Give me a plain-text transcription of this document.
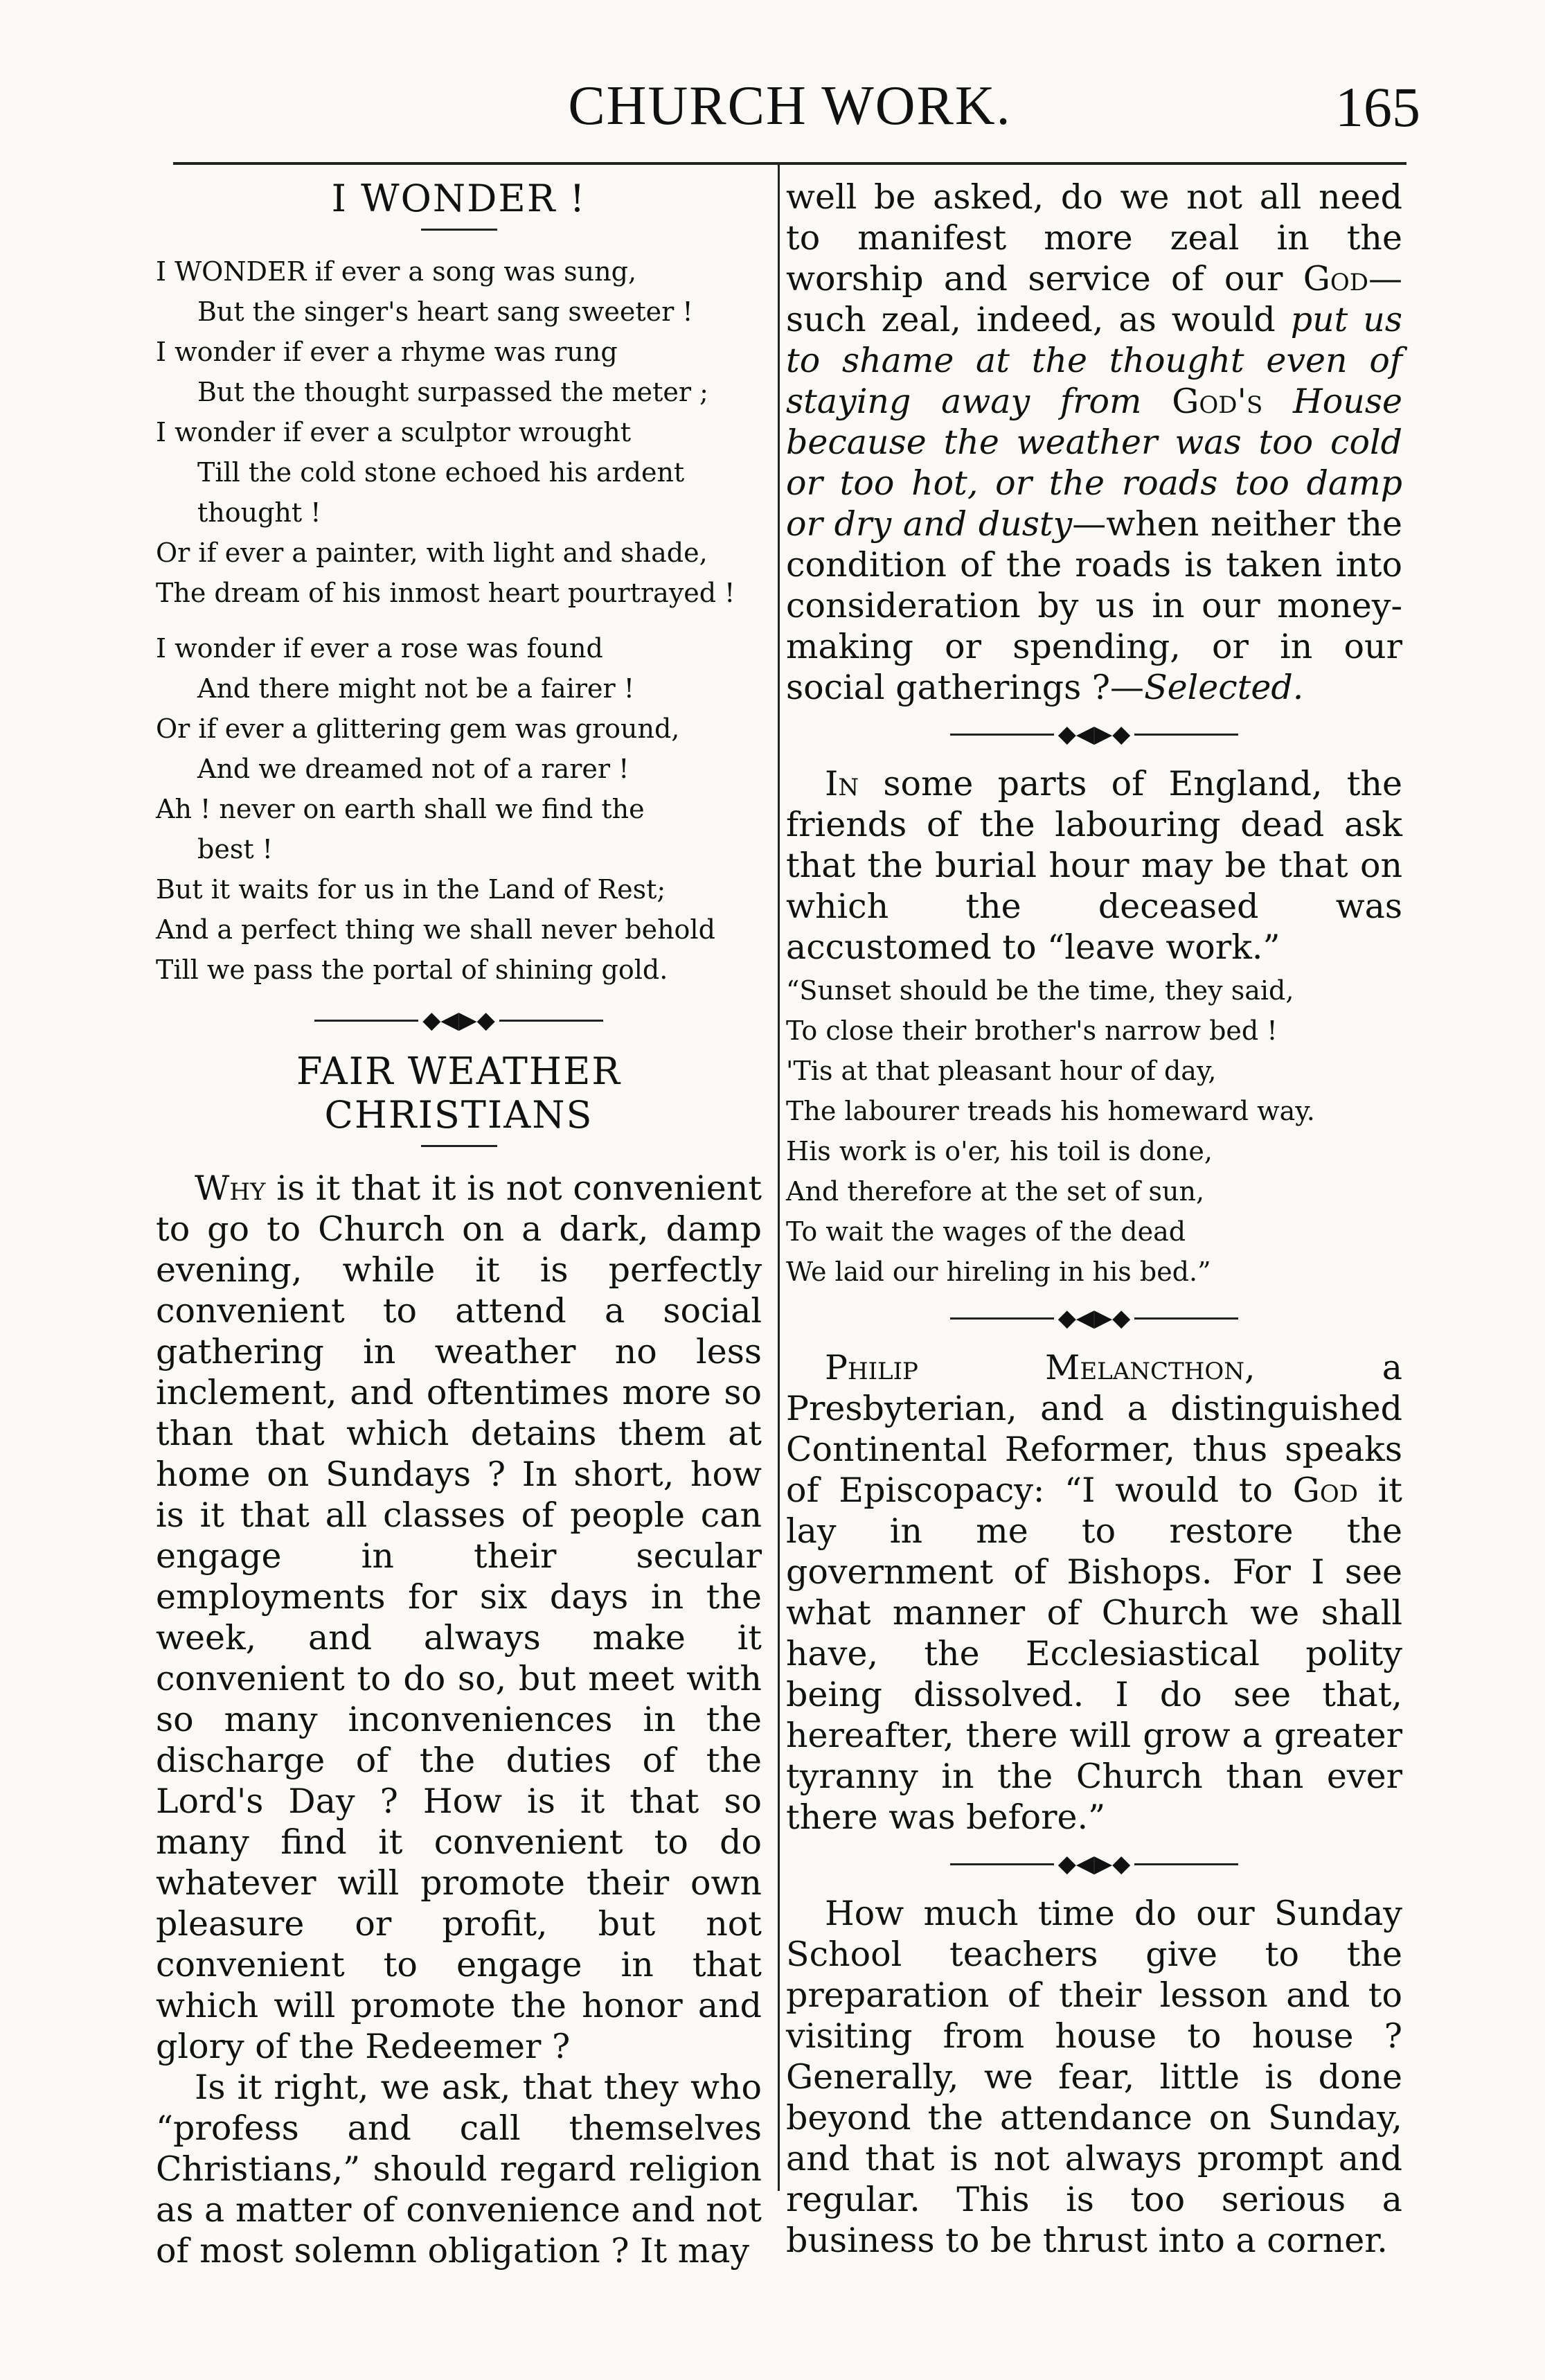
CHURCH WORK.	165
I WONDER !
I WONDER if ever a song was sung,
But the singer's heart sang sweeter !
I wonder if ever a rhyme was rung
But the thought surpassed the meter ;
I wonder if ever a sculptor wrought
Till the cold stone echoed his ardent
thought !
Or if ever a painter, with light and shade,
The dream of his inmost heart pourtrayed !
I wonder if ever a rose was found
And there might not be a fairer !
Or if ever a glittering gem was ground,
And we dreamed not of a rarer !
Ah ! never on earth shall we find the
best !
But it waits for us in the Land of Rest;
And a perfect thing we shall never behold
Till we pass the portal of shining gold.
◆◀▶◆
FAIR WEATHER CHRISTIANS

Why is it that it is not convenient to go to Church on a dark, damp evening, while it is perfectly convenient to attend a social gathering in weather no less inclement, and oftentimes more so than that which detains them at home on Sundays ? In short, how is it that all classes of people can engage in their secular employments for six days in the week, and always make it convenient to do so, but meet with so many inconveniences in the discharge of the duties of the Lord's Day ? How is it that so many find it convenient to do whatever will promote their own pleasure or profit, but not convenient to engage in that which will promote the honor and glory of the Redeemer ?

Is it right, we ask, that they who “profess and call themselves Christians,” should regard religion as a matter of convenience and not of most solemn obligation ? It may

well be asked, do we not all need to manifest more zeal in the worship and service of our God—such zeal, indeed, as would put us to shame at the thought even of staying away from God's House because the weather was too cold or too hot, or the roads too damp or dry and dusty—when neither the condition of the roads is taken into consideration by us in our money-making or spending, or in our social gatherings ?—Selected.

◆◀▶◆

In some parts of England, the friends of the labouring dead ask that the burial hour may be that on which the deceased was accustomed to “leave work.”

“Sunset should be the time, they said,
To close their brother's narrow bed !
'Tis at that pleasant hour of day,
The labourer treads his homeward way.
His work is o'er, his toil is done,
And therefore at the set of sun,
To wait the wages of the dead
We laid our hireling in his bed.”
◆◀▶◆

Philip Melancthon, a Presbyterian, and a distinguished Continental Reformer, thus speaks of Episcopacy: “I would to God it lay in me to restore the government of Bishops. For I see what manner of Church we shall have, the Ecclesiastical polity being dissolved. I do see that, hereafter, there will grow a greater tyranny in the Church than ever there was before.”

◆◀▶◆

How much time do our Sunday School teachers give to the preparation of their lesson and to visiting from house to house ? Generally, we fear, little is done beyond the attendance on Sunday, and that is not always prompt and regular. This is too serious a business to be thrust into a corner.
